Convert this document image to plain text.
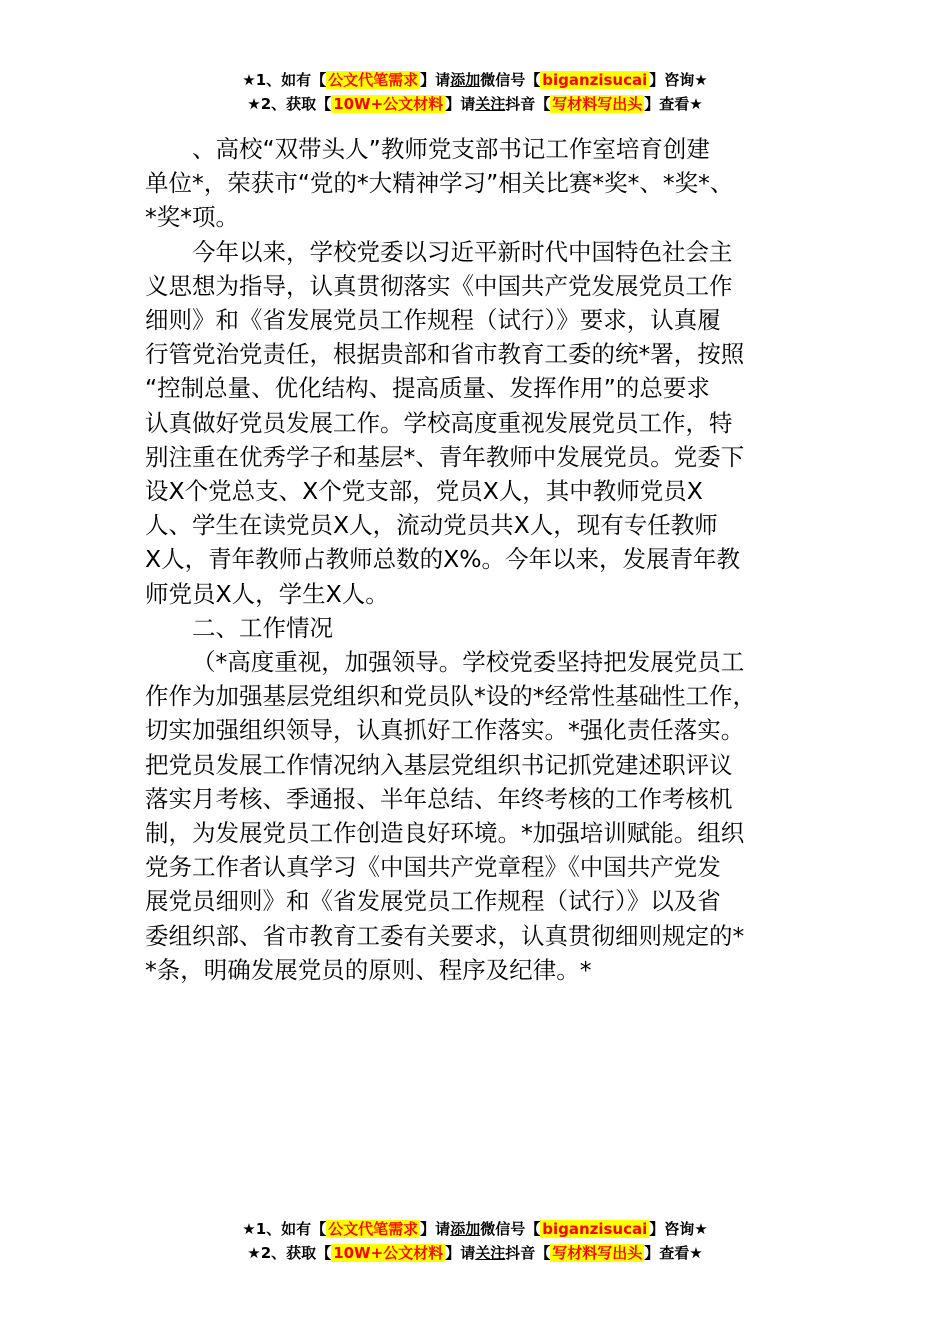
★1、如有【 公文代笔需求 】请添加微信号【 biganzisucai 】咨询★
★2、获取【 10W+公文材料 】请关注抖音【 写材料写出头 】查看★

、高校“双带头人”教师党支部书记工作室培育创建

单位*，荣获市“党的*大精神学习”相关比赛*奖*、*奖*、

*奖*项。

今年以来，学校党委以习近平新时代中国特色社会主

义思想为指导，认真贯彻落实《中国共产党发展党员工作

细则》和《省发展党员工作规程（试行）》要求，认真履

行管党治党责任，根据贵部和省市教育工委的统*署，按照

“控制总量、优化结构、提高质量、发挥作用”的总要求

认真做好党员发展工作。学校高度重视发展党员工作，特

别注重在优秀学子和基层*、青年教师中发展党员。党委下

设X个党总支、X个党支部，党员X人，其中教师党员X

人、学生在读党员X人，流动党员共X人，现有专任教师

X人，青年教师占教师总数的X%。今年以来，发展青年教

师党员X人，学生X人。

二、工作情况

（*高度重视，加强领导。学校党委坚持把发展党员工

作作为加强基层党组织和党员队*设的*经常性基础性工作，

切实加强组织领导，认真抓好工作落实。*强化责任落实。

把党员发展工作情况纳入基层党组织书记抓党建述职评议

落实月考核、季通报、半年总结、年终考核的工作考核机

制，为发展党员工作创造良好环境。*加强培训赋能。组织

党务工作者认真学习《中国共产党章程》《中国共产党发

展党员细则》和《省发展党员工作规程（试行）》以及省

委组织部、省市教育工委有关要求，认真贯彻细则规定的*

*条，明确发展党员的原则、程序及纪律。*

★1、如有【 公文代笔需求 】请添加微信号【 biganzisucai 】咨询★
★2、获取【 10W+公文材料 】请关注抖音【 写材料写出头 】查看★
